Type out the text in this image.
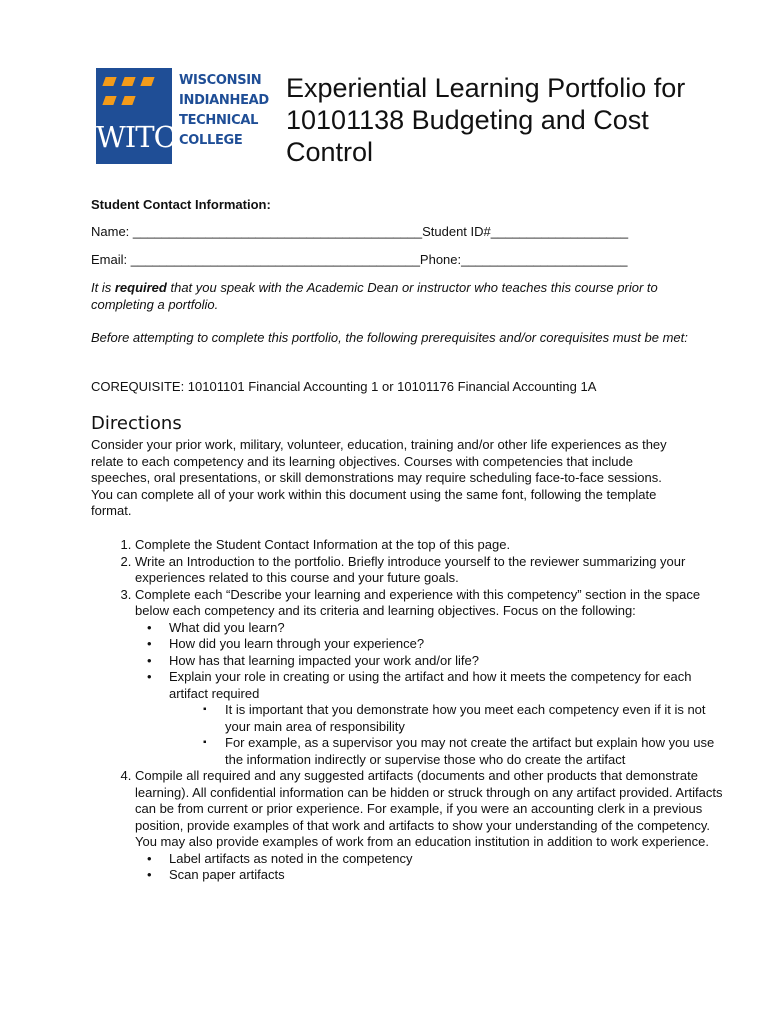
WITC
WISCONSIN
INDIANHEAD
TECHNICAL
COLLEGE
Experiential Learning Portfolio for 10101138 Budgeting and Cost Control
Student Contact Information:
Name: ________________________________________Student ID#___________________
Email: ________________________________________Phone:_______________________
It is required that you speak with the Academic Dean or instructor who teaches this course prior to completing a portfolio.
Before attempting to complete this portfolio, the following prerequisites and/or corequisites must be met:
COREQUISITE: 10101101 Financial Accounting 1 or 10101176 Financial Accounting 1A
Directions
Consider your prior work, military, volunteer, education, training and/or other life experiences as they relate to each competency and its learning objectives. Courses with competencies that include speeches, oral presentations, or skill demonstrations may require scheduling face-to-face sessions. You can complete all of your work within this document using the same font, following the template format.
1. Complete the Student Contact Information at the top of this page.
2. Write an Introduction to the portfolio. Briefly introduce yourself to the reviewer summarizing your experiences related to this course and your future goals.
3. Complete each “Describe your learning and experience with this competency” section in the space below each competency and its criteria and learning objectives. Focus on the following:
• What did you learn?
• How did you learn through your experience?
• How has that learning impacted your work and/or life?
• Explain your role in creating or using the artifact and how it meets the competency for each artifact required
▪ It is important that you demonstrate how you meet each competency even if it is not your main area of responsibility
▪ For example, as a supervisor you may not create the artifact but explain how you use the information indirectly or supervise those who do create the artifact
4. Compile all required and any suggested artifacts (documents and other products that demonstrate learning). All confidential information can be hidden or struck through on any artifact provided. Artifacts can be from current or prior experience. For example, if you were an accounting clerk in a previous position, provide examples of that work and artifacts to show your understanding of the competency. You may also provide examples of work from an education institution in addition to work experience.
• Label artifacts as noted in the competency
• Scan paper artifacts
